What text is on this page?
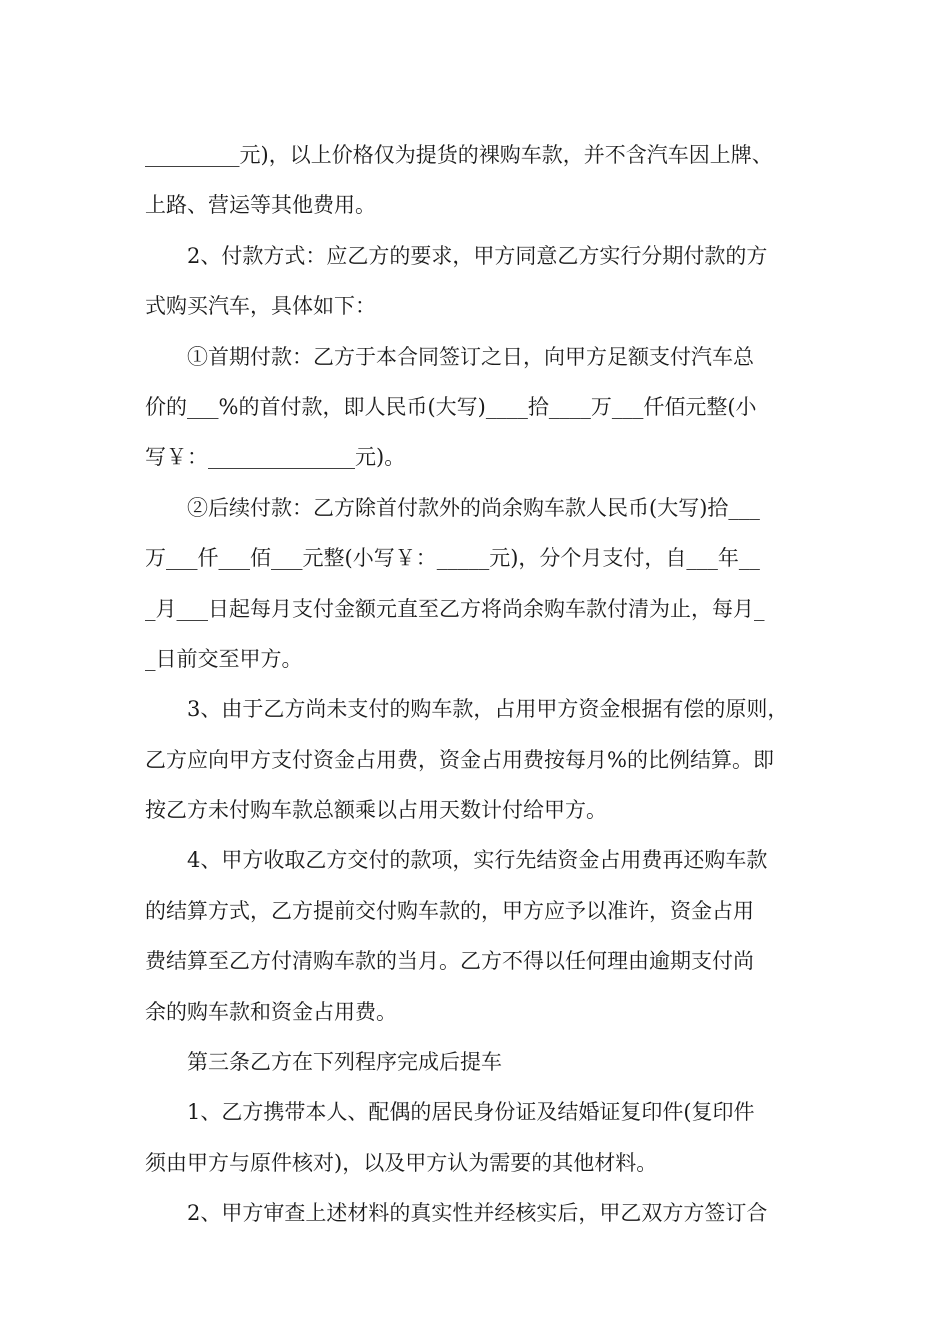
_________元)，以上价格仅为提货的裸购车款，并不含汽车因上牌、
上路、营运等其他费用。
2、付款方式：应乙方的要求，甲方同意乙方实行分期付款的方
式购买汽车，具体如下：
①首期付款：乙方于本合同签订之日，向甲方足额支付汽车总
价的___%的首付款，即人民币(大写)____拾____万___仟佰元整(小
写￥：______________元)。
②后续付款：乙方除首付款外的尚余购车款人民币(大写)拾___
万___仟___佰___元整(小写￥：_____元)，分个月支付，自___年__
_月___日起每月支付金额元直至乙方将尚余购车款付清为止，每月_
_日前交至甲方。
3、由于乙方尚未支付的购车款，占用甲方资金根据有偿的原则，
乙方应向甲方支付资金占用费，资金占用费按每月%的比例结算。即
按乙方未付购车款总额乘以占用天数计付给甲方。
4、甲方收取乙方交付的款项，实行先结资金占用费再还购车款
的结算方式，乙方提前交付购车款的，甲方应予以准许，资金占用
费结算至乙方付清购车款的当月。乙方不得以任何理由逾期支付尚
余的购车款和资金占用费。
第三条乙方在下列程序完成后提车
1、乙方携带本人、配偶的居民身份证及结婚证复印件(复印件
须由甲方与原件核对)，以及甲方认为需要的其他材料。
2、甲方审查上述材料的真实性并经核实后，甲乙双方方签订合
